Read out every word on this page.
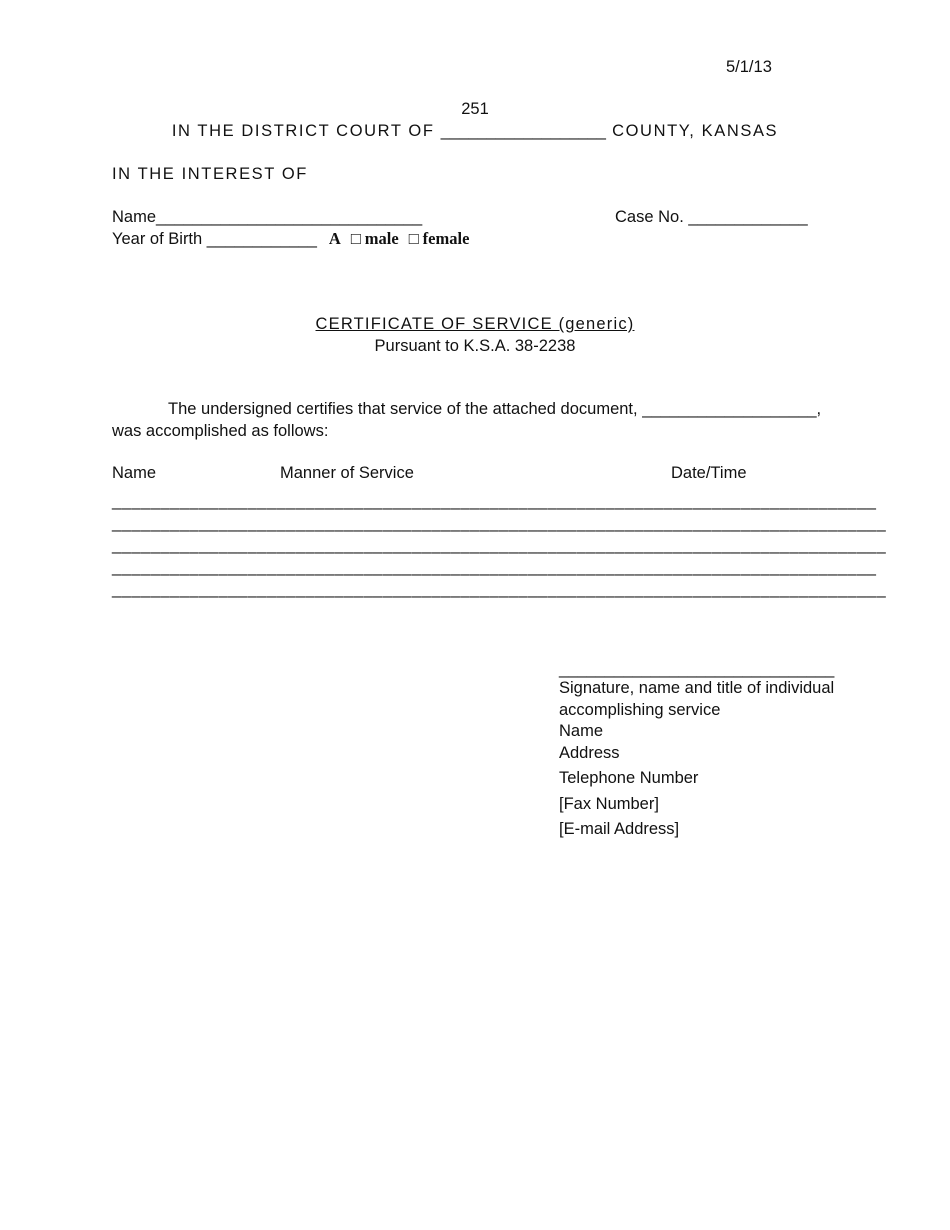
5/1/13
251
IN THE DISTRICT COURT OF __________________ COUNTY, KANSAS
IN THE INTEREST OF
Name_____________________________	Case No. _____________
Year of Birth ____________ A □ male □ female
CERTIFICATE OF SERVICE (generic)
Pursuant to K.S.A. 38-2238
The undersigned certifies that service of the attached document, ___________________,
was accomplished as follows:
Name	Manner of Service	Date/Time
_______________________________________________________________________________
________________________________________________________________________________
________________________________________________________________________________
_______________________________________________________________________________
________________________________________________________________________________
______________________________
Signature, name and title of individual
accomplishing service
Name
Address
Telephone Number
[Fax Number]
[E-mail Address]
